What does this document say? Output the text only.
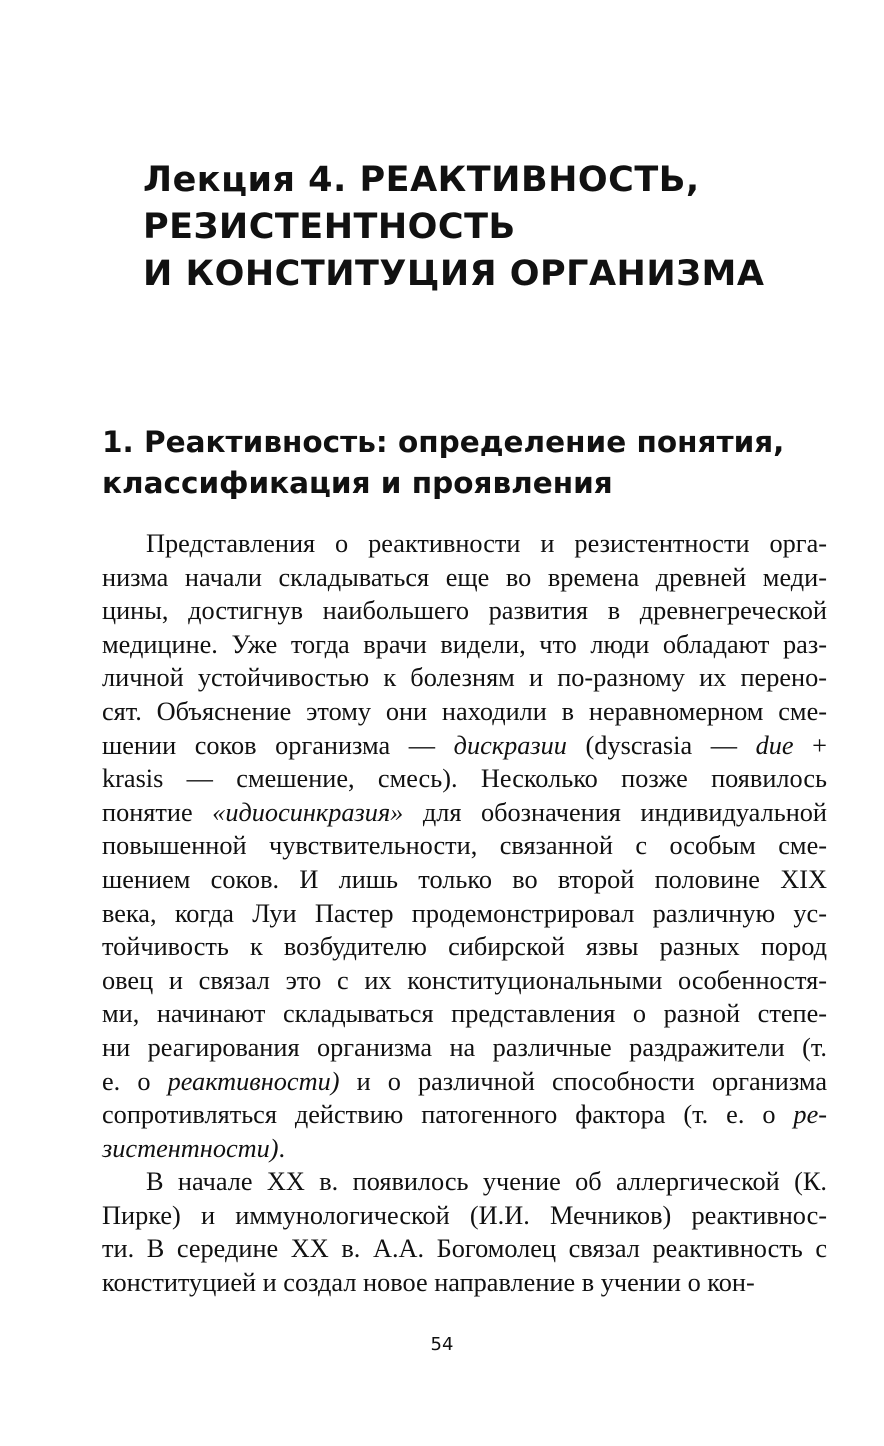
Лекция 4. РЕАКТИВНОСТЬ,
РЕЗИСТЕНТНОСТЬ
И КОНСТИТУЦИЯ ОРГАНИЗМА
1. Реактивность: определение понятия,
классификация и проявления
Представления о реактивности и резистентности орга-
низма начали складываться еще во времена древней меди-
цины, достигнув наибольшего развития в древнегреческой
медицине. Уже тогда врачи видели, что люди обладают раз-
личной устойчивостью к болезням и по-разному их перено-
сят. Объяснение этому они находили в неравномерном сме-
шении соков организма — дискразии (dyscrasia — due +
krasis — смешение, смесь). Несколько позже появилось
понятие «идиосинкразия» для обозначения индивидуальной
повышенной чувствительности, связанной с особым сме-
шением соков. И лишь только во второй половине XIX
века, когда Луи Пастер продемонстрировал различную ус-
тойчивость к возбудителю сибирской язвы разных пород
овец и связал это с их конституциональными особенностя-
ми, начинают складываться представления о разной степе-
ни реагирования организма на различные раздражители (т.
е. о реактивности) и о различной способности организма
сопротивляться действию патогенного фактора (т. е. о ре-
зистентности).
В начале XX в. появилось учение об аллергической (К.
Пирке) и иммунологической (И.И. Мечников) реактивнос-
ти. В середине XX в. А.А. Богомолец связал реактивность с
конституцией и создал новое направление в учении о кон-
54
